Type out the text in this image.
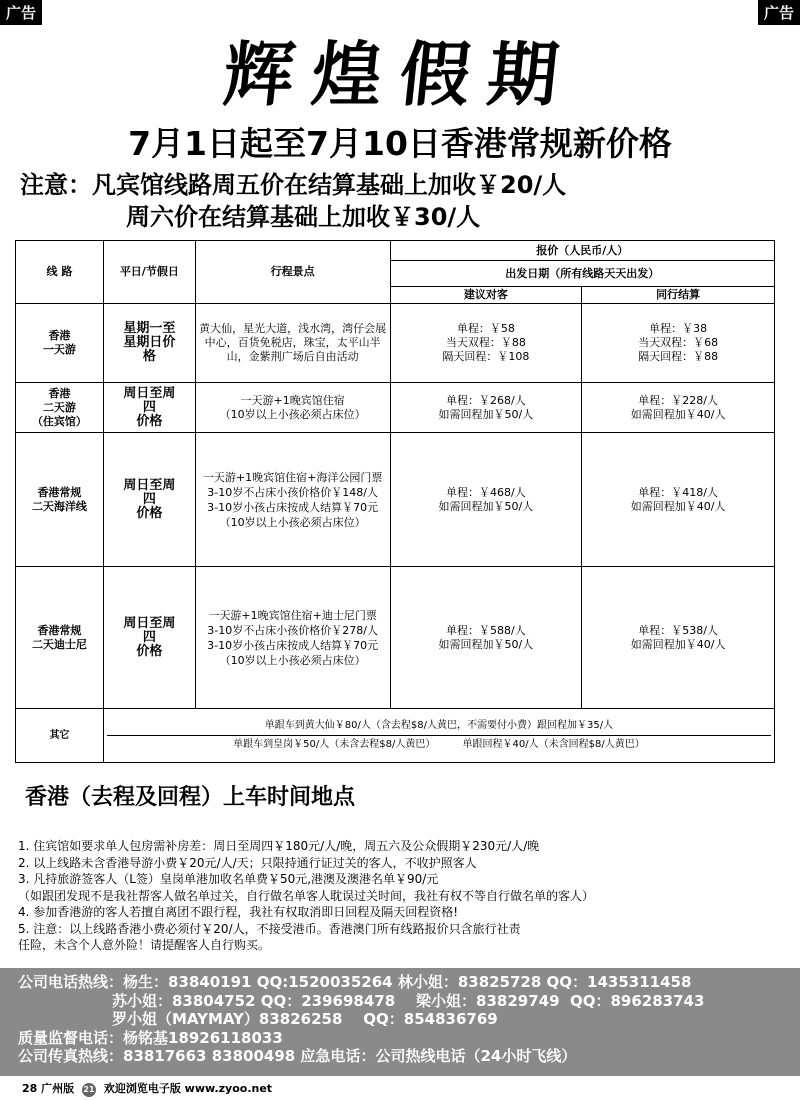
广告	广告
辉煌假期
7月1日起至7月10日香港常规新价格
注意：凡宾馆线路周五价在结算基础上加收￥20/人
周六价在结算基础上加收￥30/人
线 路	平日/节假日	行程景点	报价（人民币/人）	
			出发日期（所有线路天天出发）	
			建议对客	同行结算
香港
一天游	星期一至
星期日价
格	黄大仙，星光大道，浅水湾，湾仔会展中心，百货免税店，珠宝，太平山半山，金紫荆广场后自由活动	单程：￥58
当天双程：￥88
隔天回程：￥108	单程：￥38
当天双程：￥68
隔天回程：￥88
香港
二天游
（住宾馆）	周日至周
四
价格	一天游+1晚宾馆住宿
（10岁以上小孩必须占床位）	单程：￥268/人
如需回程加￥50/人	单程：￥228/人
如需回程加￥40/人
香港常规
二天海洋线	周日至周
四
价格	一天游+1晚宾馆住宿+海洋公园门票
3-10岁不占床小孩价格价￥148/人
3-10岁小孩占床按成人结算￥70元
（10岁以上小孩必须占床位）	单程：￥468/人
如需回程加￥50/人	单程：￥418/人
如需回程加￥40/人
香港常规
二天迪士尼	周日至周
四
价格	一天游+1晚宾馆住宿+迪士尼门票
3-10岁不占床小孩价格价￥278/人
3-10岁小孩占床按成人结算￥70元
（10岁以上小孩必须占床位）	单程：￥588/人
如需回程加￥50/人	单程：￥538/人
如需回程加￥40/人
其它	单跟车到黄大仙￥80/人（含去程$8/人黄巴，不需要付小费）跟回程加￥35/人
单跟车到皇岗￥50/人（未含去程$8/人黄巴） 单跟回程￥40/人（未含回程$8/人黄巴）			
香港（去程及回程）上车时间地点
1. 住宾馆如要求单人包房需补房差：周日至周四￥180元/人/晚，周五六及公众假期￥230元/人/晚
2. 以上线路未含香港导游小费￥20元/人/天；只限持通行证过关的客人，不收护照客人
3. 凡持旅游签客人（L签）皇岗单港加收名单费￥50元,港澳及澳港名单￥90/元
（如跟团发现不是我社帮客人做名单过关，自行做名单客人耽误过关时间，我社有权不等自行做名单的客人）
4. 参加香港游的客人若擅自离团不跟行程，我社有权取消即日回程及隔天回程资格!
5. 注意：以上线路香港小费必须付￥20/人，不接受港币。香港澳门所有线路报价只含旅行社责
任险，未含个人意外险！请提醒客人自行购买。
公司电话热线：杨生：83840191 QQ:1520035264 林小姐：83825728 QQ：1435311458
苏小姐：83804752 QQ：239698478    梁小姐：83829749  QQ：896283743
罗小姐（MAYMAY）83826258    QQ：854836769
质量监督电话：杨铭基18926118033
公司传真热线：83817663 83800498 应急电话：公司热线电话（24小时飞线）
28 广州版 21 欢迎浏览电子版 www.zyoo.net
